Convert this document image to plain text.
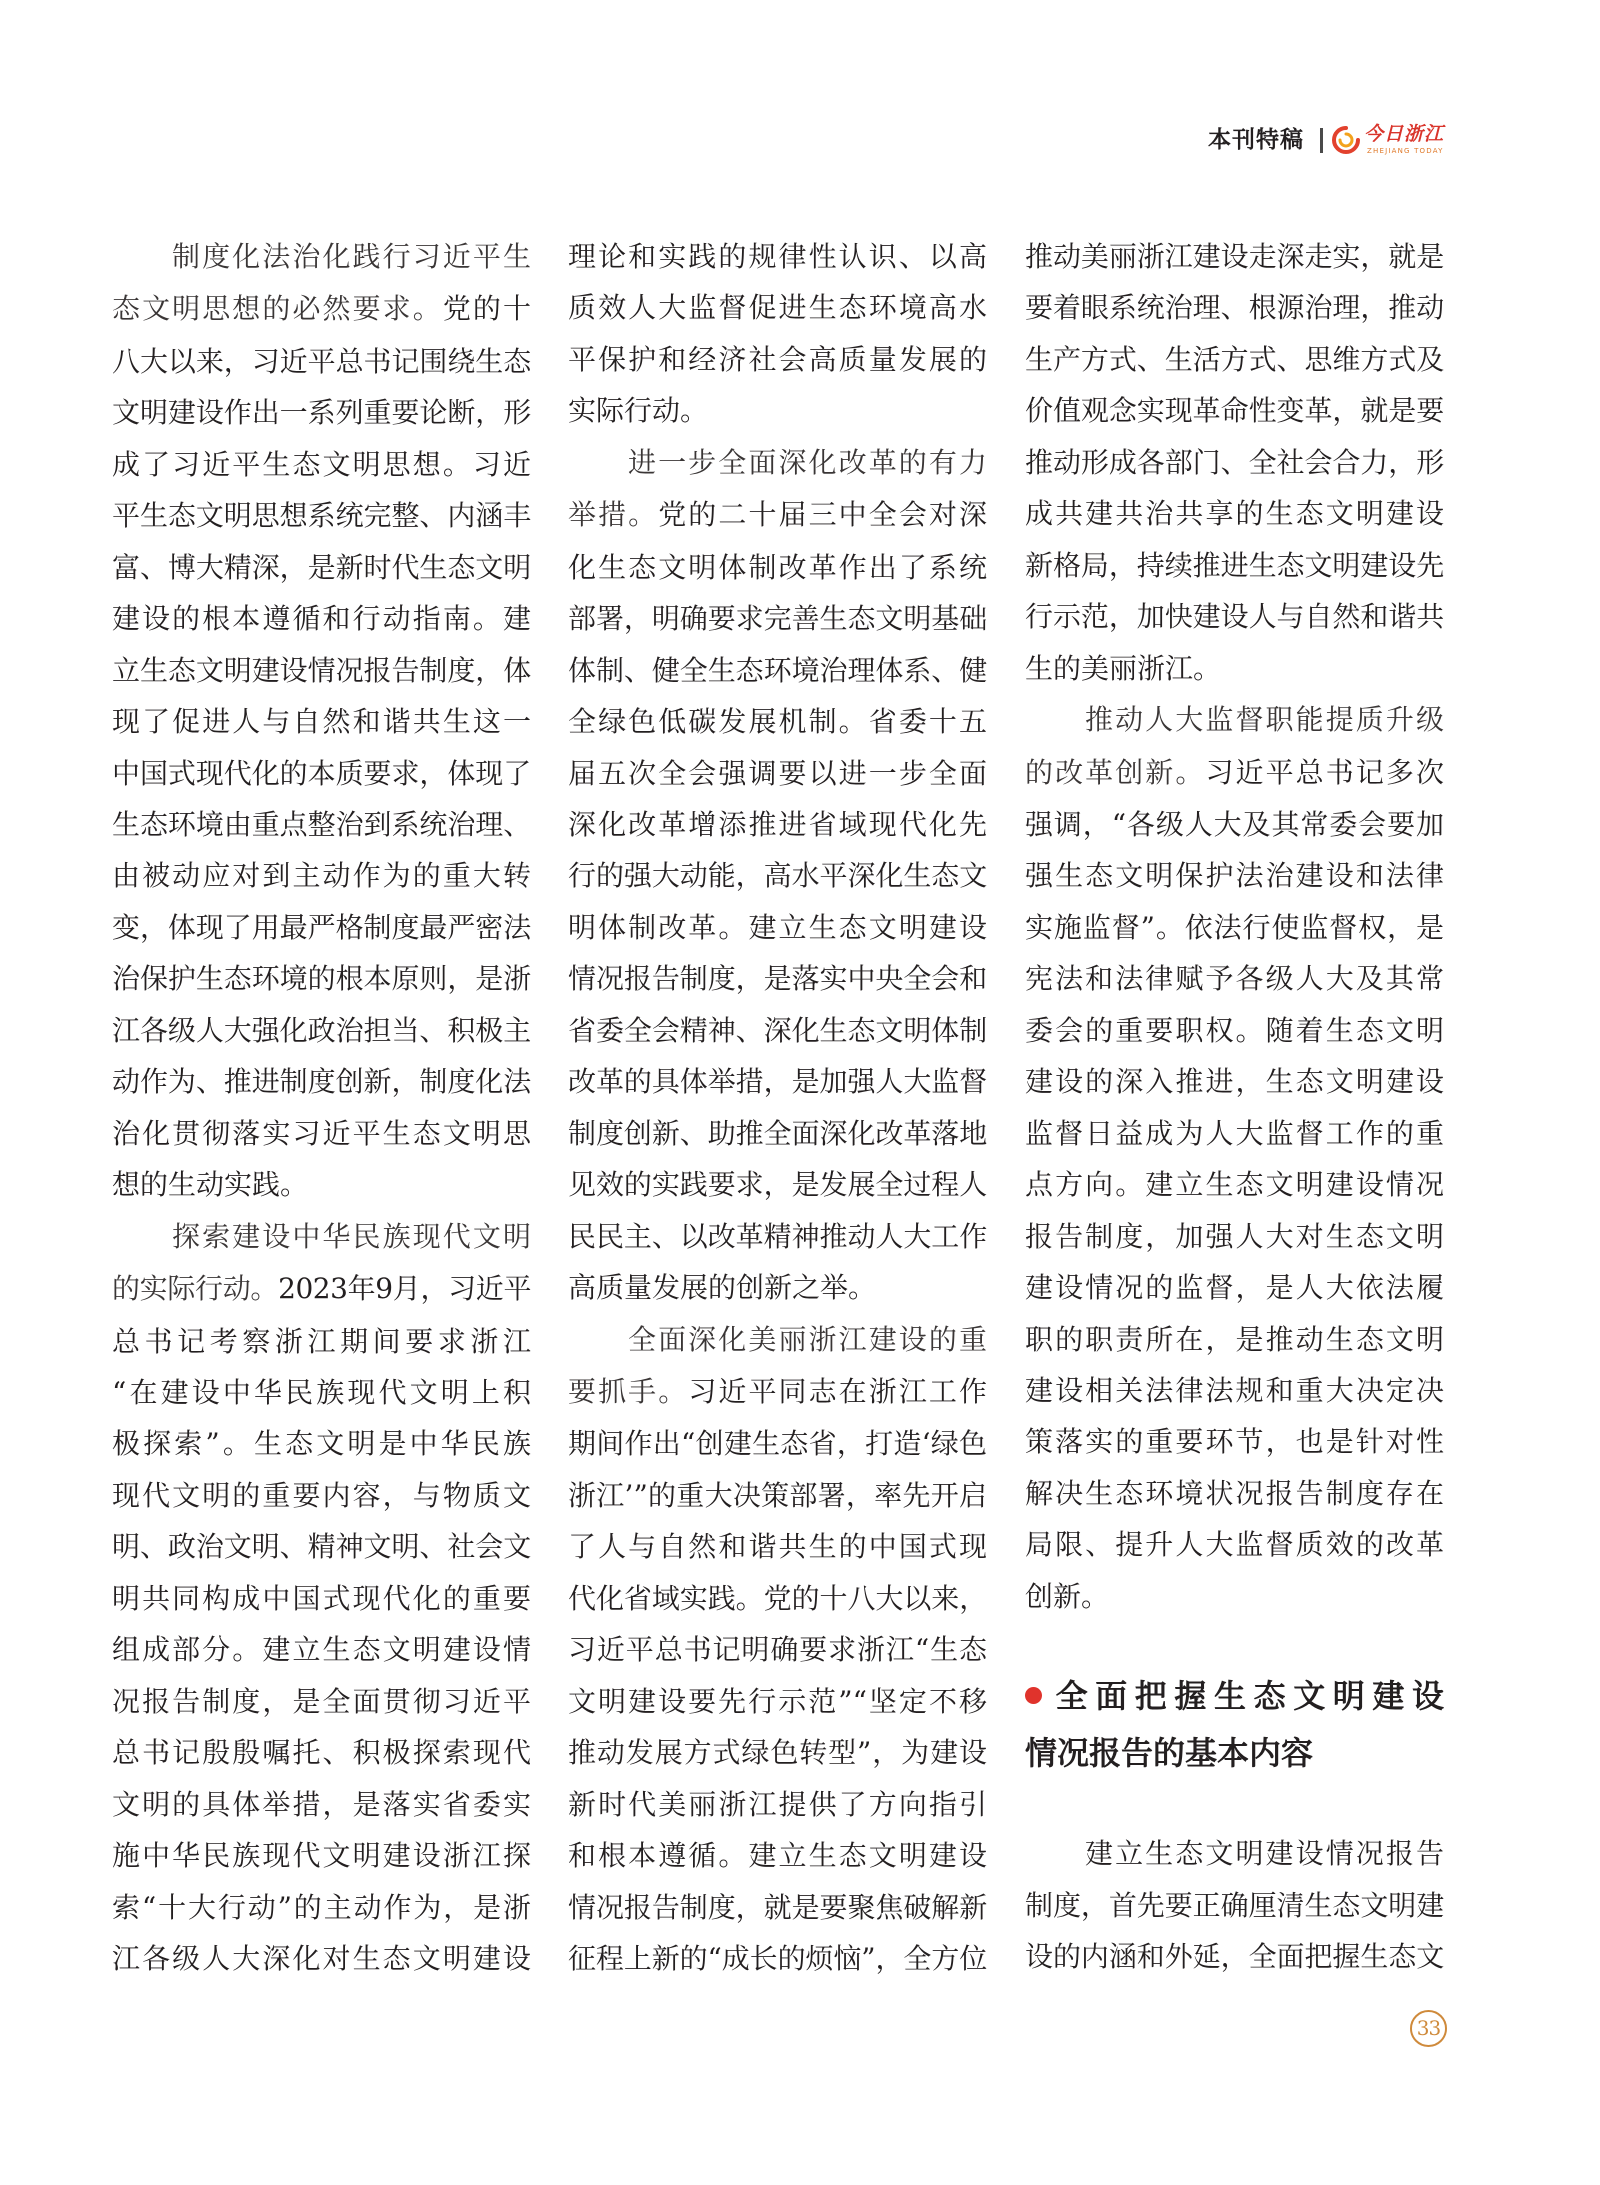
本刊特稿	今日浙江
ZHEJIANG TODAY
制度化法治化践行习近平生
态文明思想的必然要求。党的十
八大以来，习近平总书记围绕生态
文明建设作出一系列重要论断，形
成了习近平生态文明思想。习近
平生态文明思想系统完整、内涵丰
富、博大精深，是新时代生态文明
建设的根本遵循和行动指南。建
立生态文明建设情况报告制度，体
现了促进人与自然和谐共生这一
中国式现代化的本质要求，体现了
生态环境由重点整治到系统治理、
由被动应对到主动作为的重大转
变，体现了用最严格制度最严密法
治保护生态环境的根本原则，是浙
江各级人大强化政治担当、积极主
动作为、推进制度创新，制度化法
治化贯彻落实习近平生态文明思
想的生动实践。
探索建设中华民族现代文明
的实际行动。2023年9月，习近平
总书记考察浙江期间要求浙江
“在建设中华民族现代文明上积
极探索”。生态文明是中华民族
现代文明的重要内容，与物质文
明、政治文明、精神文明、社会文
明共同构成中国式现代化的重要
组成部分。建立生态文明建设情
况报告制度，是全面贯彻习近平
总书记殷殷嘱托、积极探索现代
文明的具体举措，是落实省委实
施中华民族现代文明建设浙江探
索“十大行动”的主动作为，是浙
江各级人大深化对生态文明建设
理论和实践的规律性认识、以高
质效人大监督促进生态环境高水
平保护和经济社会高质量发展的
实际行动。
进一步全面深化改革的有力
举措。党的二十届三中全会对深
化生态文明体制改革作出了系统
部署，明确要求完善生态文明基础
体制、健全生态环境治理体系、健
全绿色低碳发展机制。省委十五
届五次全会强调要以进一步全面
深化改革增添推进省域现代化先
行的强大动能，高水平深化生态文
明体制改革。建立生态文明建设
情况报告制度，是落实中央全会和
省委全会精神、深化生态文明体制
改革的具体举措，是加强人大监督
制度创新、助推全面深化改革落地
见效的实践要求，是发展全过程人
民民主、以改革精神推动人大工作
高质量发展的创新之举。
全面深化美丽浙江建设的重
要抓手。习近平同志在浙江工作
期间作出“创建生态省，打造‘绿色
浙江’”的重大决策部署，率先开启
了人与自然和谐共生的中国式现
代化省域实践。党的十八大以来，
习近平总书记明确要求浙江“生态
文明建设要先行示范”“坚定不移
推动发展方式绿色转型”，为建设
新时代美丽浙江提供了方向指引
和根本遵循。建立生态文明建设
情况报告制度，就是要聚焦破解新
征程上新的“成长的烦恼”，全方位
推动美丽浙江建设走深走实，就是
要着眼系统治理、根源治理，推动
生产方式、生活方式、思维方式及
价值观念实现革命性变革，就是要
推动形成各部门、全社会合力，形
成共建共治共享的生态文明建设
新格局，持续推进生态文明建设先
行示范，加快建设人与自然和谐共
生的美丽浙江。
推动人大监督职能提质升级
的改革创新。习近平总书记多次
强调，“各级人大及其常委会要加
强生态文明保护法治建设和法律
实施监督”。依法行使监督权，是
宪法和法律赋予各级人大及其常
委会的重要职权。随着生态文明
建设的深入推进，生态文明建设
监督日益成为人大监督工作的重
点方向。建立生态文明建设情况
报告制度，加强人大对生态文明
建设情况的监督，是人大依法履
职的职责所在，是推动生态文明
建设相关法律法规和重大决定决
策落实的重要环节，也是针对性
解决生态环境状况报告制度存在
局限、提升人大监督质效的改革
创新。
全面把握生态文明建设
情况报告的基本内容
建立生态文明建设情况报告
制度，首先要正确厘清生态文明建
设的内涵和外延，全面把握生态文
33
